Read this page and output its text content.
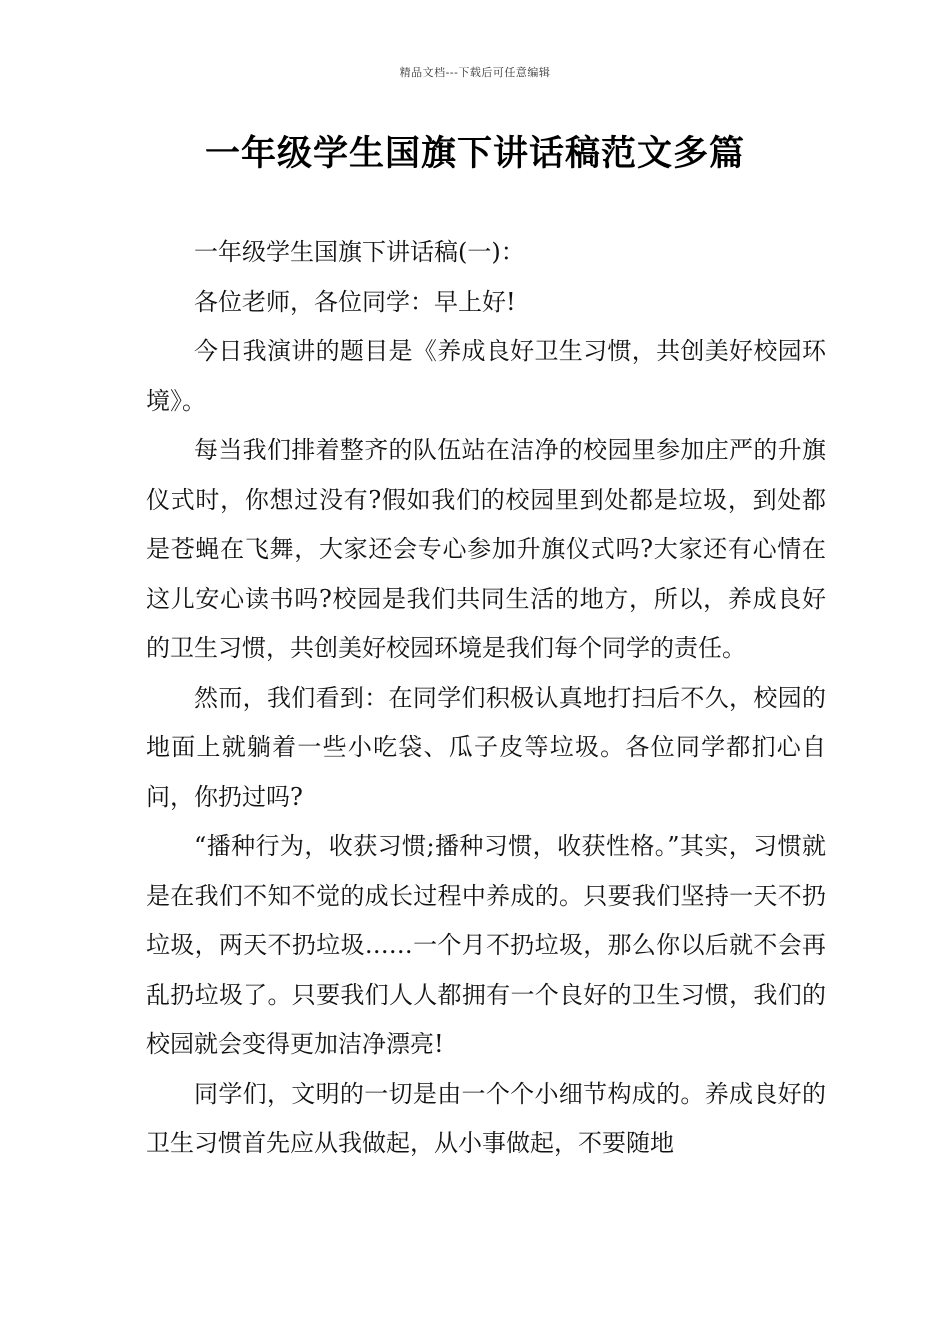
精品文档---下载后可任意编辑
一年级学生国旗下讲话稿范文多篇

一年级学生国旗下讲话稿(一)：

各位老师，各位同学：早上好!

今日我演讲的题目是《养成良好卫生习惯，共创美好校园环境》。

每当我们排着整齐的队伍站在洁净的校园里参加庄严的升旗仪式时，你想过没有?假如我们的校园里到处都是垃圾，到处都是苍蝇在飞舞，大家还会专心参加升旗仪式吗?大家还有心情在这儿安心读书吗?校园是我们共同生活的地方，所以，养成良好的卫生习惯，共创美好校园环境是我们每个同学的责任。

然而，我们看到：在同学们积极认真地打扫后不久，校园的地面上就躺着一些小吃袋、瓜子皮等垃圾。各位同学都扪心自问，你扔过吗?

“播种行为，收获习惯;播种习惯，收获性格。”其实，习惯就是在我们不知不觉的成长过程中养成的。只要我们坚持一天不扔垃圾，两天不扔垃圾……一个月不扔垃圾，那么你以后就不会再乱扔垃圾了。只要我们人人都拥有一个良好的卫生习惯，我们的校园就会变得更加洁净漂亮!

同学们，文明的一切是由一个个小细节构成的。养成良好的卫生习惯首先应从我做起，从小事做起，不要随地
